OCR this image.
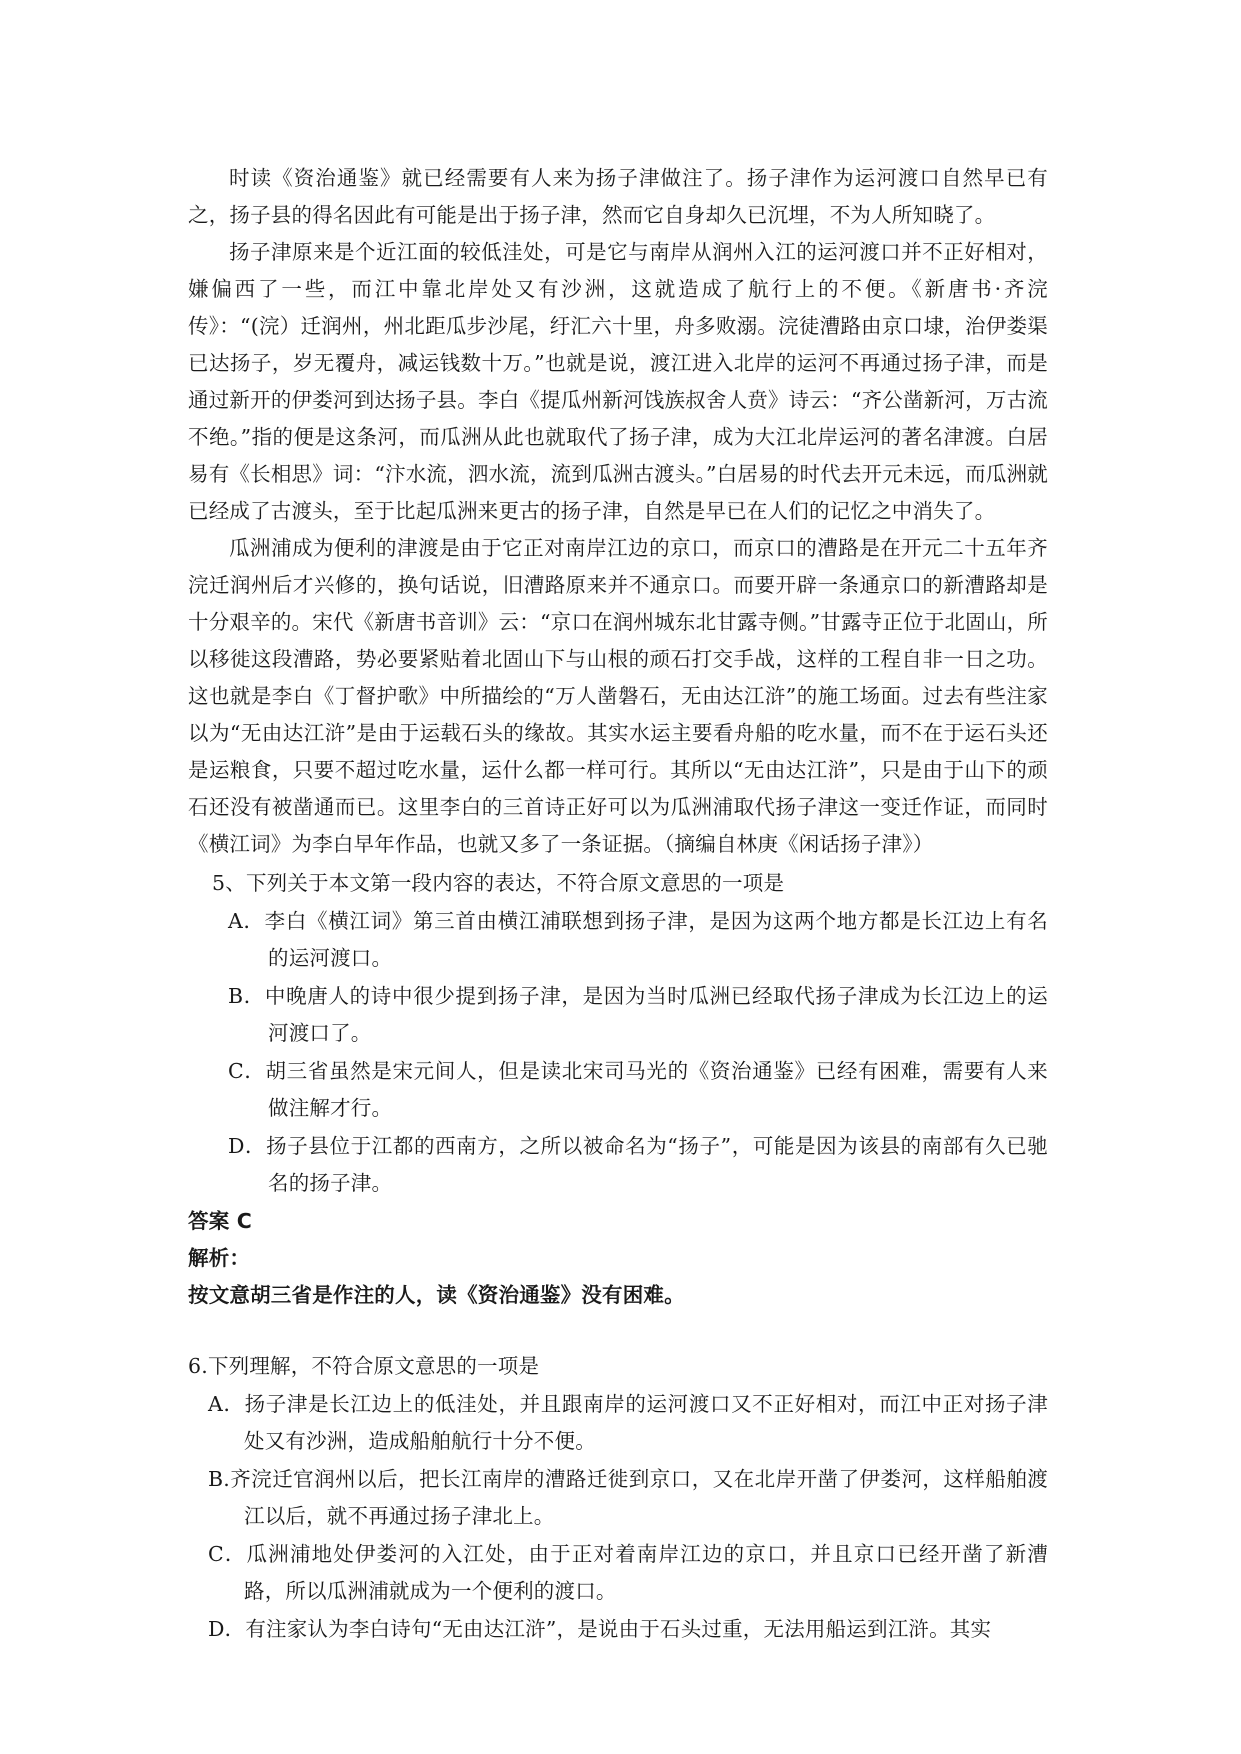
时读《资治通鉴》就已经需要有人来为扬子津做注了。扬子津作为运河渡口自然早已有之，扬子县的得名因此有可能是出于扬子津，然而它自身却久已沉埋，不为人所知晓了。

扬子津原来是个近江面的较低洼处，可是它与南岸从润州入江的运河渡口并不正好相对，嫌偏西了一些，而江中靠北岸处又有沙洲，这就造成了航行上的不便。《新唐书·齐浣传》：“(浣）迁润州，州北距瓜步沙尾，纡汇六十里，舟多败溺。浣徒漕路由京口埭，治伊娄渠已达扬子，岁无覆舟，减运钱数十万。”也就是说，渡江进入北岸的运河不再通过扬子津，而是通过新开的伊娄河到达扬子县。李白《提瓜州新河饯族叔舍人贲》诗云：“齐公凿新河，万古流不绝。”指的便是这条河，而瓜洲从此也就取代了扬子津，成为大江北岸运河的著名津渡。白居易有《长相思》词：“汴水流，泗水流，流到瓜洲古渡头。”白居易的时代去开元未远，而瓜洲就已经成了古渡头，至于比起瓜洲来更古的扬子津，自然是早已在人们的记忆之中消失了。

瓜洲浦成为便利的津渡是由于它正对南岸江边的京口，而京口的漕路是在开元二十五年齐浣迁润州后才兴修的，换句话说，旧漕路原来并不通京口。而要开辟一条通京口的新漕路却是十分艰辛的。宋代《新唐书音训》云：“京口在润州城东北甘露寺侧。”甘露寺正位于北固山，所以移徙这段漕路，势必要紧贴着北固山下与山根的顽石打交手战，这样的工程自非一日之功。这也就是李白《丁督护歌》中所描绘的“万人凿磐石，无由达江浒”的施工场面。过去有些注家以为“无由达江浒”是由于运载石头的缘故。其实水运主要看舟船的吃水量，而不在于运石头还是运粮食，只要不超过吃水量，运什么都一样可行。其所以“无由达江浒”，只是由于山下的顽石还没有被凿通而已。这里李白的三首诗正好可以为瓜洲浦取代扬子津这一变迁作证，而同时《横江词》为李白早年作品，也就又多了一条证据。（摘编自林庚《闲话扬子津》）

5、下列关于本文第一段内容的表达，不符合原文意思的一项是

A．李白《横江词》第三首由横江浦联想到扬子津，是因为这两个地方都是长江边上有名的运河渡口。

B．中晚唐人的诗中很少提到扬子津，是因为当时瓜洲已经取代扬子津成为长江边上的运河渡口了。

C．胡三省虽然是宋元间人，但是读北宋司马光的《资治通鉴》已经有困难，需要有人来做注解才行。

D．扬子县位于江都的西南方，之所以被命名为“扬子”，可能是因为该县的南部有久已驰名的扬子津。

答案 C

解析：

按文意胡三省是作注的人，读《资治通鉴》没有困难。

6.下列理解，不符合原文意思的一项是

A．扬子津是长江边上的低洼处，并且跟南岸的运河渡口又不正好相对，而江中正对扬子津处又有沙洲，造成船舶航行十分不便。

B.齐浣迁官润州以后，把长江南岸的漕路迁徙到京口，又在北岸开凿了伊娄河，这样船舶渡江以后，就不再通过扬子津北上。

C．瓜洲浦地处伊娄河的入江处，由于正对着南岸江边的京口，并且京口已经开凿了新漕路，所以瓜洲浦就成为一个便利的渡口。

D．有注家认为李白诗句“无由达江浒”，是说由于石头过重，无法用船运到江浒。其实
